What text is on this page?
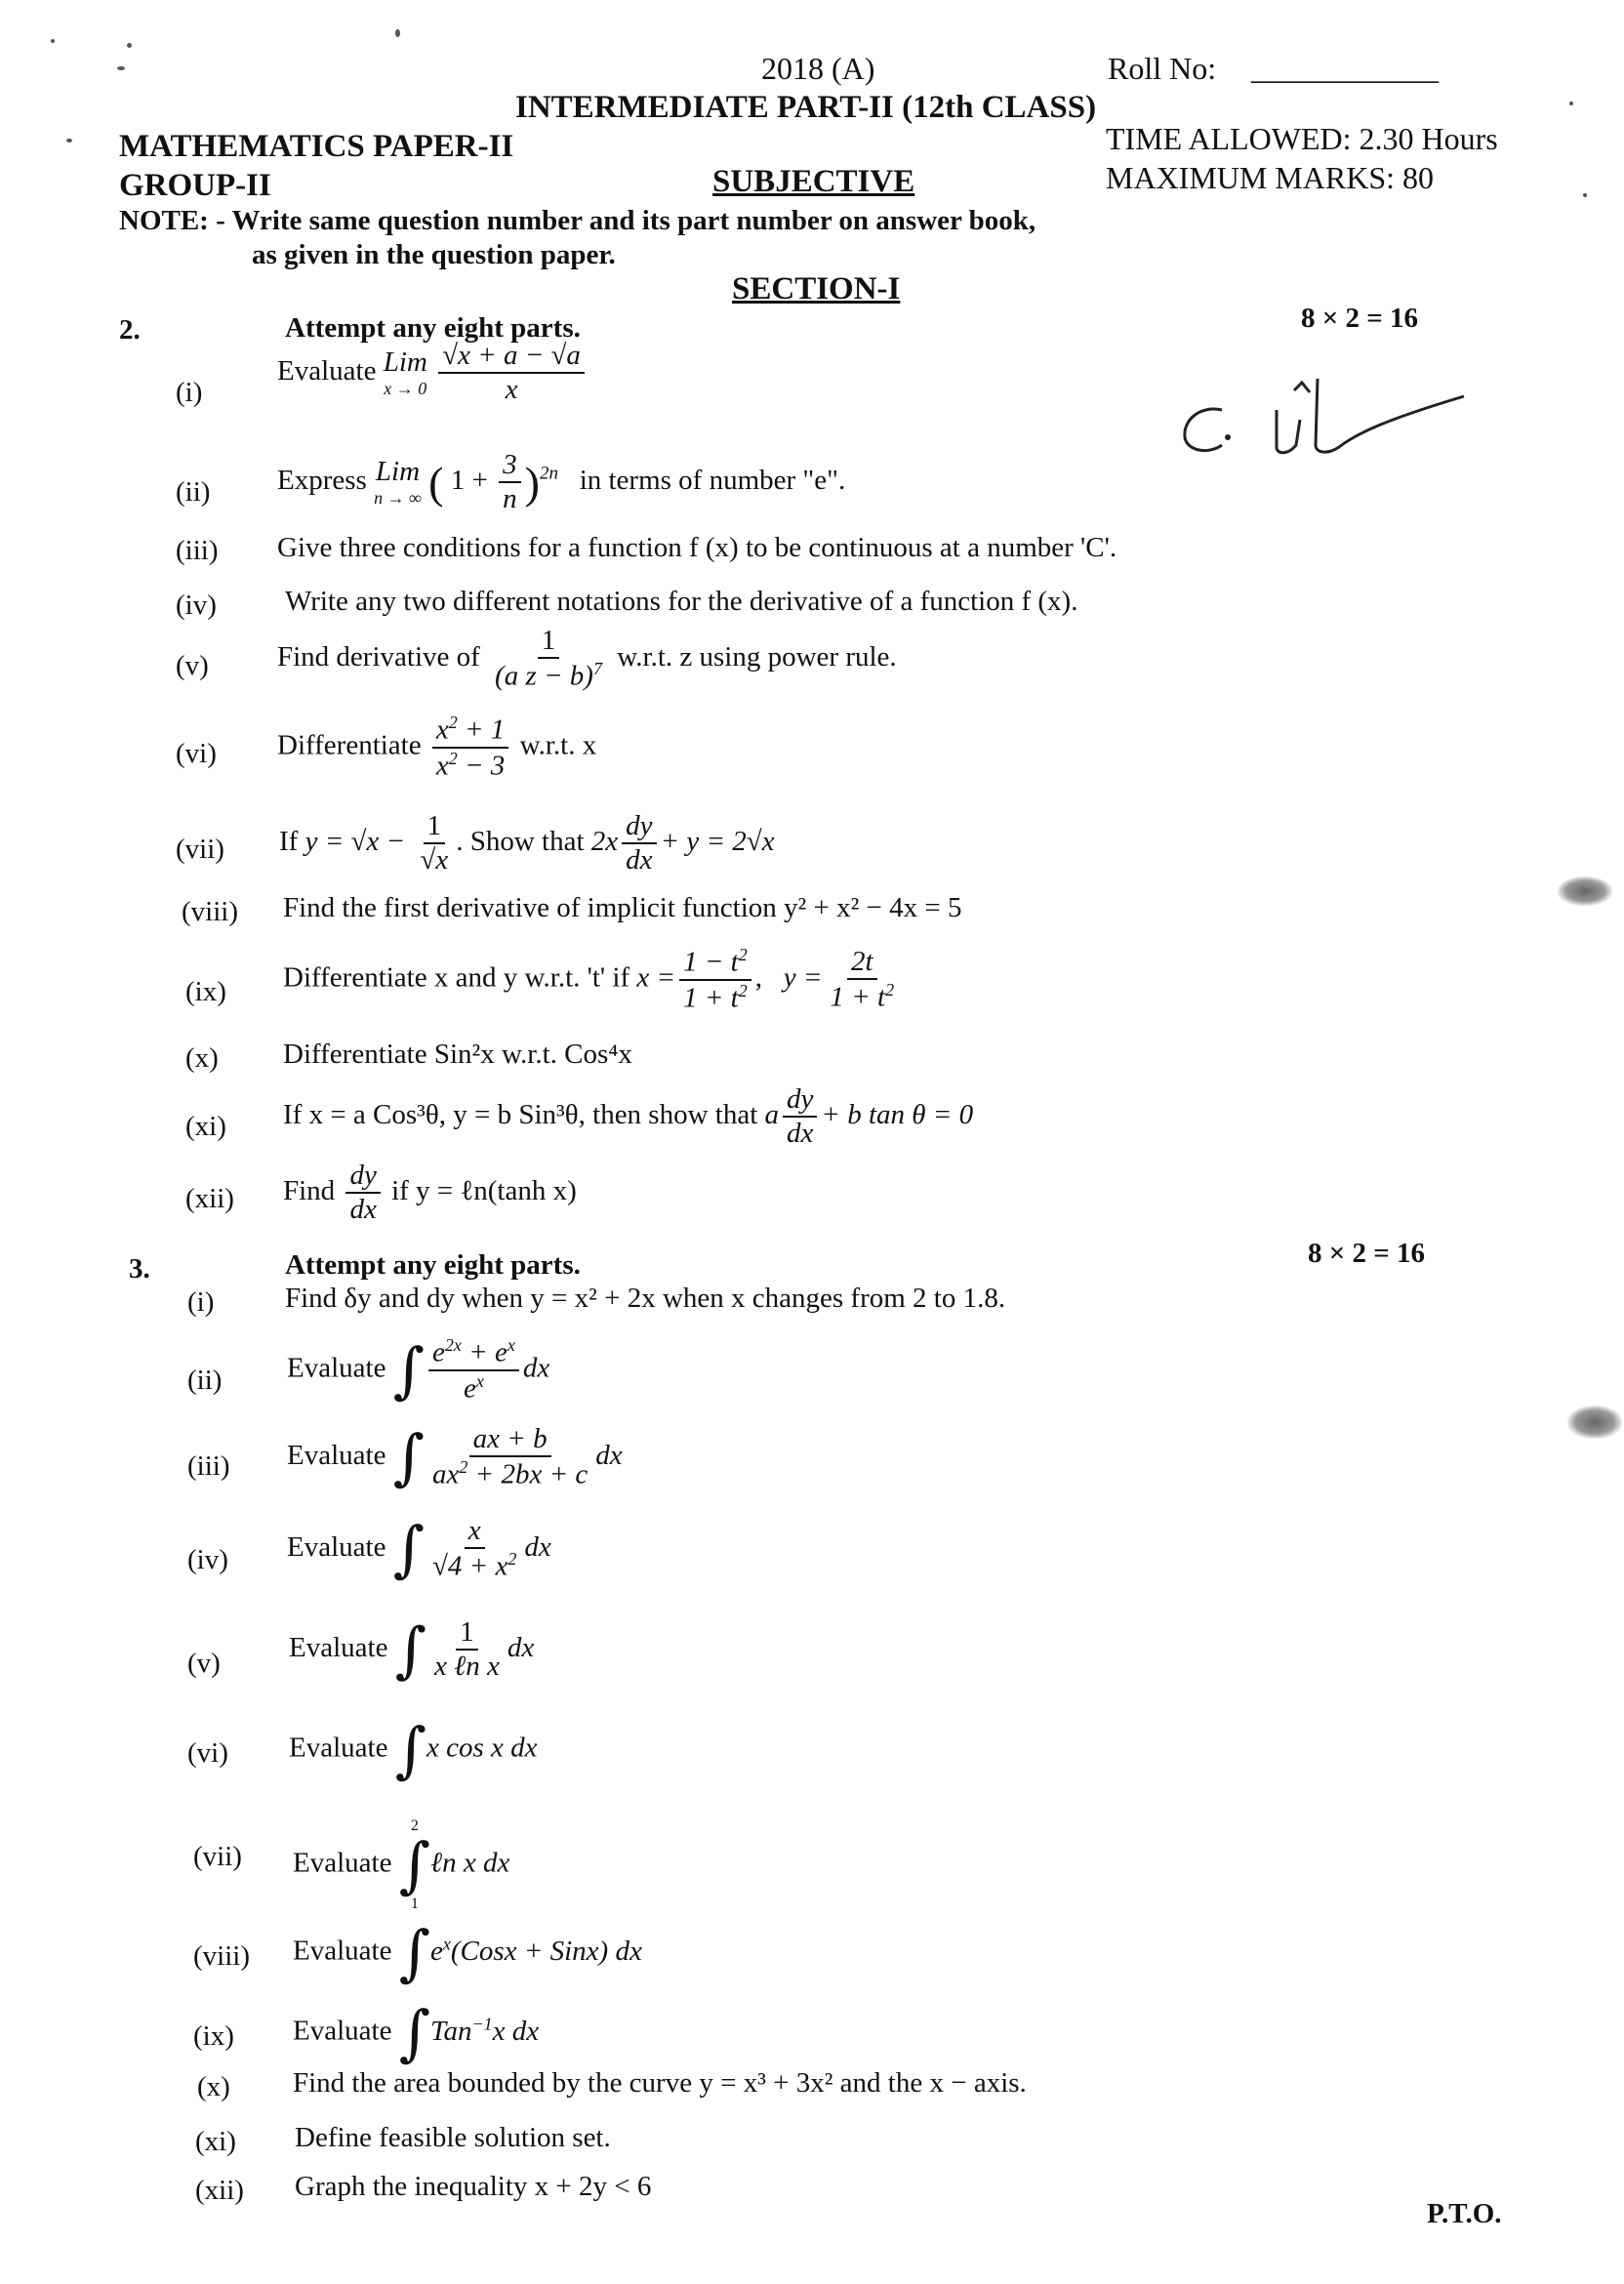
2018 (A)	Roll No: ____________
INTERMEDIATE PART-II (12th CLASS)
MATHEMATICS PAPER-II	TIME ALLOWED: 2.30 Hours
GROUP-II	SUBJECTIVE	MAXIMUM MARKS: 80
NOTE: - Write same question number and its part number on answer book,
as given in the question paper.
SECTION-I
2.	Attempt any eight parts.	8 × 2 = 16
(i)
Evaluate Lim
x → 0
$\frac{√x + a - √a}{x}$
(ii) Express Lim
n → ∞ ( $1 + \frac{3}{n} )^{2n}$ in terms of number "e".
(iii) Give three conditions for a function f (x) to be continuous at a number 'C'.
(iv) Write any two different notations for the derivative of a function f (x).
(v) Find derivative of $\frac{1}{(a z - b)^7} w.r.t$. z using power rule.
(vi) Differentiate $\frac{x^2 + 1}{x^2 - 3} w.r.t$. x
(vii) If $y = √x - \frac{1}{√x}$ . Show that $2x \frac{dy}{dx} + y = 2√x$
(viii) Find the first derivative of implicit function y² + x² − 4x = 5
(ix) Differentiate x and y w.r.t. 't' if $x = \frac{1 - t^2}{1 + t^2}$ ,   $y = \frac{2t}{1 + t^2}$
(x) Differentiate Sin²x w.r.t. Cos⁴x
(xi) If x = a Cos³θ, y = b Sin³θ, then show that a $\frac{dy}{dx} + b$ tan θ = 0
(xii) Find $\frac{dy}{dx}$ if y = ℓn(tanh x)
3.	Attempt any eight parts.	8 × 2 = 16
(i)	Find δy and dy when y = x² + 2x when x changes from 2 to 1.8.
(ii) Evaluate ∫ $\frac{e^{2x} + e^x}{e^x}$ dx
(iii) Evaluate ∫ $\frac{ax + b}{ax^2 + 2bx + c}$ dx
(iv) Evaluate ∫ $\frac{x}{√4 + x^2}$ dx
(v) Evaluate ∫ $\frac{1}{\text{x ℓn x}}$ dx
(vi) Evaluate ∫x cos x dx
(vii) Evaluate
2
∫
1
ℓn x dx
(viii) Evaluate $\int e^x(Cosx$ + Sinx) dx
(ix) Evaluate ∫Tan$^{-1}$x dx
(x) Find the area bounded by the curve y = x³ + 3x² and the x − axis.
(xi) Define feasible solution set.
(xii) Graph the inequality x + 2y < 6
P.T.O.
